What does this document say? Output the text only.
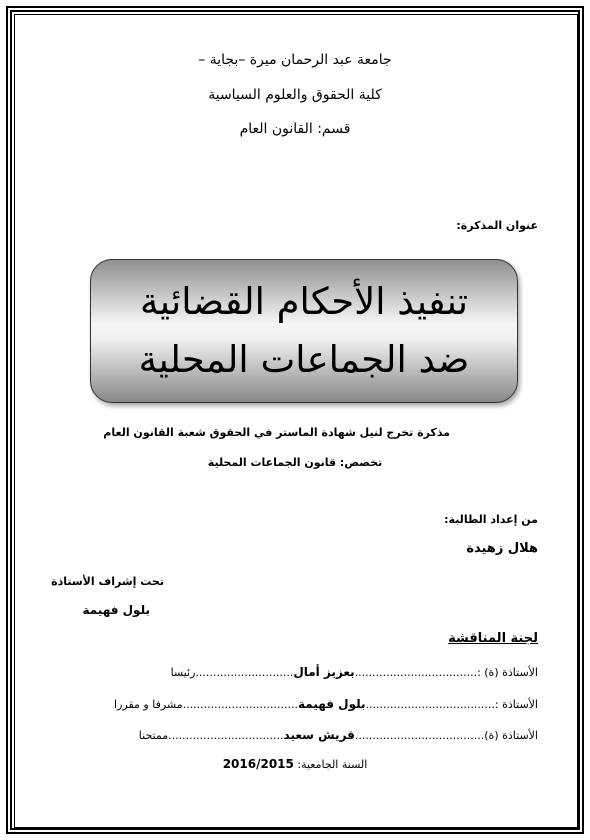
جامعة عبد الرحمان ميرة –بجاية –
كلية الحقوق والعلوم السياسية
قسم: القانون العام
عنوان المذكرة:
تنفيذ الأحكام القضائية
ضد الجماعات المحلية
مذكرة تخرج لنيل شهادة الماستر في الحقوق شعبة القانون العام
تخصص: قانون الجماعات المحلية
من إعداد الطالبة:
هلال زهيدة
تحت إشراف الأستاذة
بلول فهيمة
لجنة المناقشة
الأستاذة (ة) :...................................بعزيز أمال............................رئيسا
الأستاذة :.....................................بلول فهيمة.................................مشرفا و مقررا
الأستاذة (ة).....................................قريش سعيد.................................ممتحنا
السنة الجامعية: 2016/2015
